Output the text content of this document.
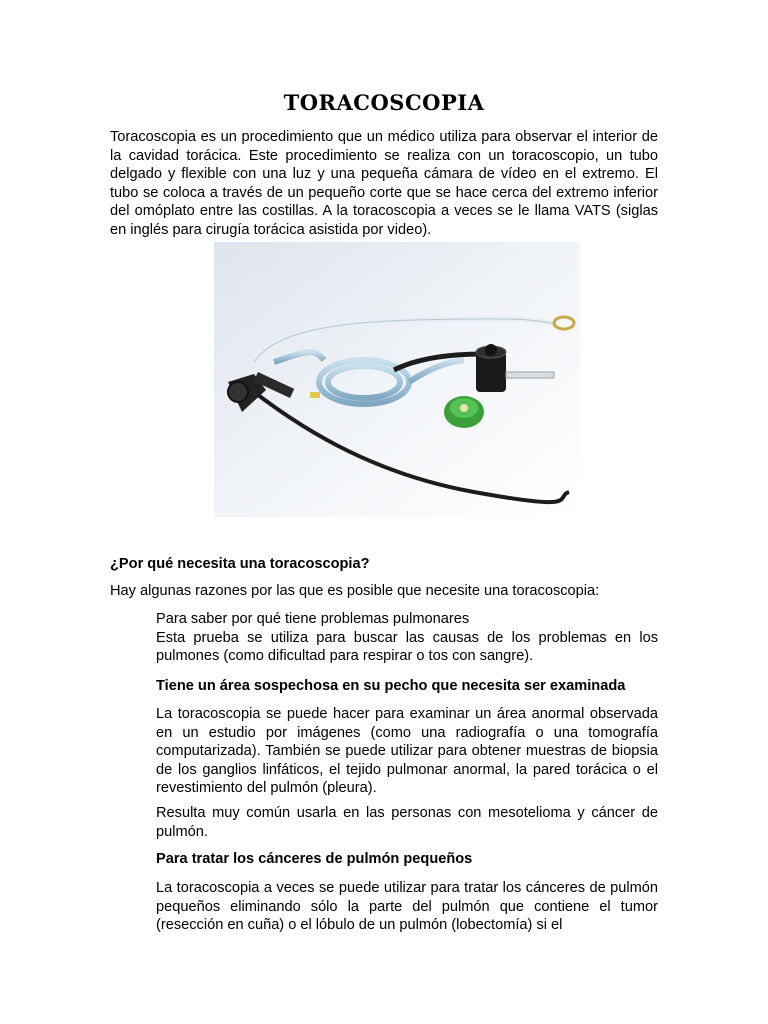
TORACOSCOPIA

Toracoscopia es un procedimiento que un médico utiliza para observar el interior de la cavidad torácica. Este procedimiento se realiza con un toracoscopio, un tubo delgado y flexible con una luz y una pequeña cámara de vídeo en el extremo. El tubo se coloca a través de un pequeño corte que se hace cerca del extremo inferior del omóplato entre las costillas. A la toracoscopia a veces se le llama VATS (siglas en inglés para cirugía torácica asistida por video).

¿Por qué necesita una toracoscopia?

Hay algunas razones por las que es posible que necesite una toracoscopia:

Para saber por qué tiene problemas pulmonares
Esta prueba se utiliza para buscar las causas de los problemas en los pulmones (como dificultad para respirar o tos con sangre).

Tiene un área sospechosa en su pecho que necesita ser examinada

La toracoscopia se puede hacer para examinar un área anormal observada en un estudio por imágenes (como una radiografía o una tomografía computarizada). También se puede utilizar para obtener muestras de biopsia de los ganglios linfáticos, el tejido pulmonar anormal, la pared torácica o el revestimiento del pulmón (pleura).

Resulta muy común usarla en las personas con mesotelioma y cáncer de pulmón.

Para tratar los cánceres de pulmón pequeños

La toracoscopia a veces se puede utilizar para tratar los cánceres de pulmón pequeños eliminando sólo la parte del pulmón que contiene el tumor (resección en cuña) o el lóbulo de un pulmón (lobectomía) si el
